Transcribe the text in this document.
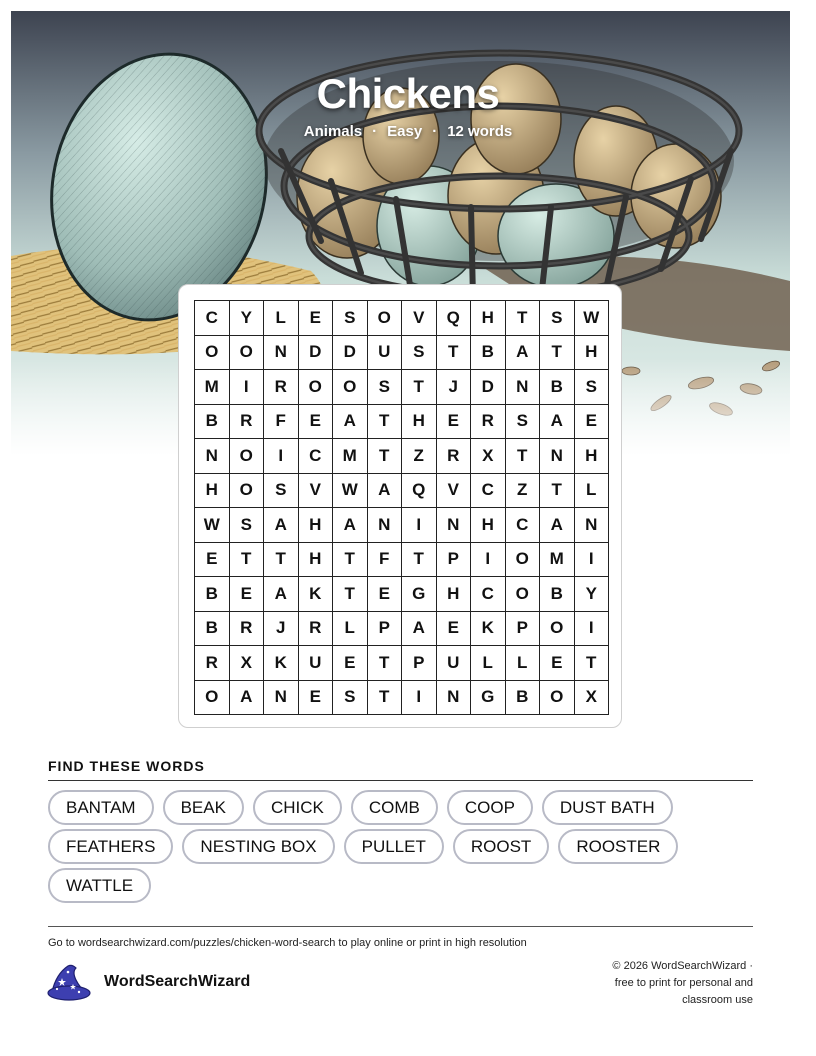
Chickens
Animals · Easy · 12 words
C	Y	L	E	S	O	V	Q	H	T	S	W
O	O	N	D	D	U	S	T	B	A	T	H
M	I	R	O	O	S	T	J	D	N	B	S
B	R	F	E	A	T	H	E	R	S	A	E
N	O	I	C	M	T	Z	R	X	T	N	H
H	O	S	V	W	A	Q	V	C	Z	T	L
W	S	A	H	A	N	I	N	H	C	A	N
E	T	T	H	T	F	T	P	I	O	M	I
B	E	A	K	T	E	G	H	C	O	B	Y
B	R	J	R	L	P	A	E	K	P	O	I
R	X	K	U	E	T	P	U	L	L	E	T
O	A	N	E	S	T	I	N	G	B	O	X
FIND THESE WORDS
BANTAM	BEAK	CHICK	COMB	COOP	DUST BATH
FEATHERS	NESTING BOX	PULLET	ROOST	ROOSTER
WATTLE
Go to wordsearchwizard.com/puzzles/chicken-word-search to play online or print in high resolution
WordSearchWizard
© 2026 WordSearchWizard ·
free to print for personal and
classroom use
